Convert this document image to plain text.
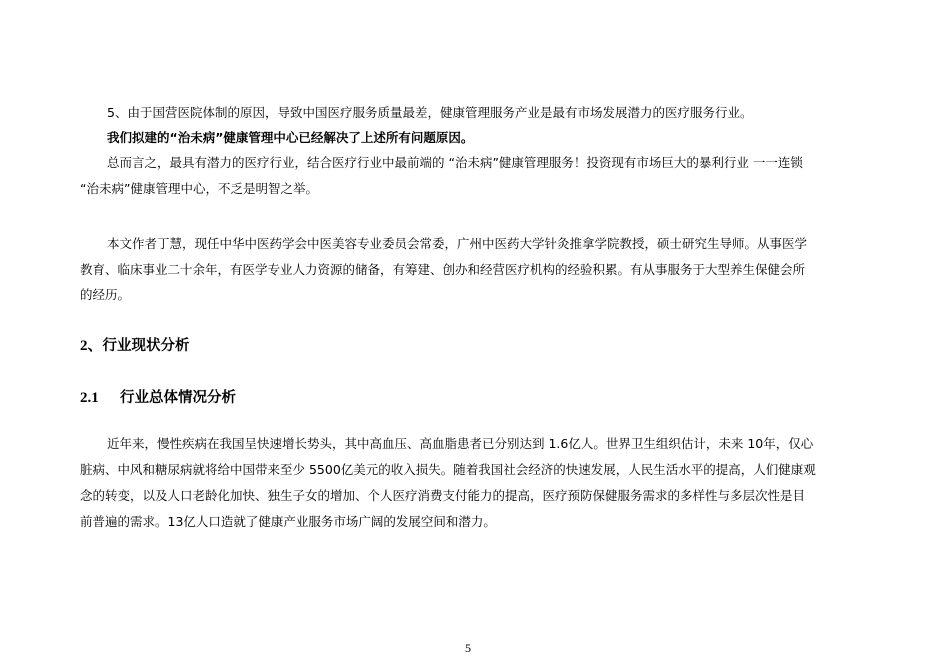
5、由于国营医院体制的原因，导致中国医疗服务质量最差，健康管理服务产业是最有市场发展潜力的医疗服务行业。
我们拟建的“治未病”健康管理中心已经解决了上述所有问题原因。
总而言之，最具有潜力的医疗行业，结合医疗行业中最前端的 “治未病”健康管理服务！投资现有市场巨大的暴利行业 一一连锁
“治未病”健康管理中心，不乏是明智之举。
本文作者丁慧，现任中华中医药学会中医美容专业委员会常委，广州中医药大学针灸推拿学院教授，硕士研究生导师。从事医学
教育、临床事业二十余年，有医学专业人力资源的储备，有筹建、创办和经营医疗机构的经验积累。有从事服务于大型养生保健会所
的经历。
2、行业现状分析
2.1 行业总体情况分析
近年来，慢性疾病在我国呈快速增长势头，其中高血压、高血脂患者已分别达到 1.6亿人。世界卫生组织估计，未来 10年，仅心
脏病、中风和糖尿病就将给中国带来至少 5500亿美元的收入损失。随着我国社会经济的快速发展，人民生活水平的提高，人们健康观
念的转变，以及人口老龄化加快、独生子女的增加、个人医疗消费支付能力的提高，医疗预防保健服务需求的多样性与多层次性是目
前普遍的需求。13亿人口造就了健康产业服务市场广阔的发展空间和潜力。
5
